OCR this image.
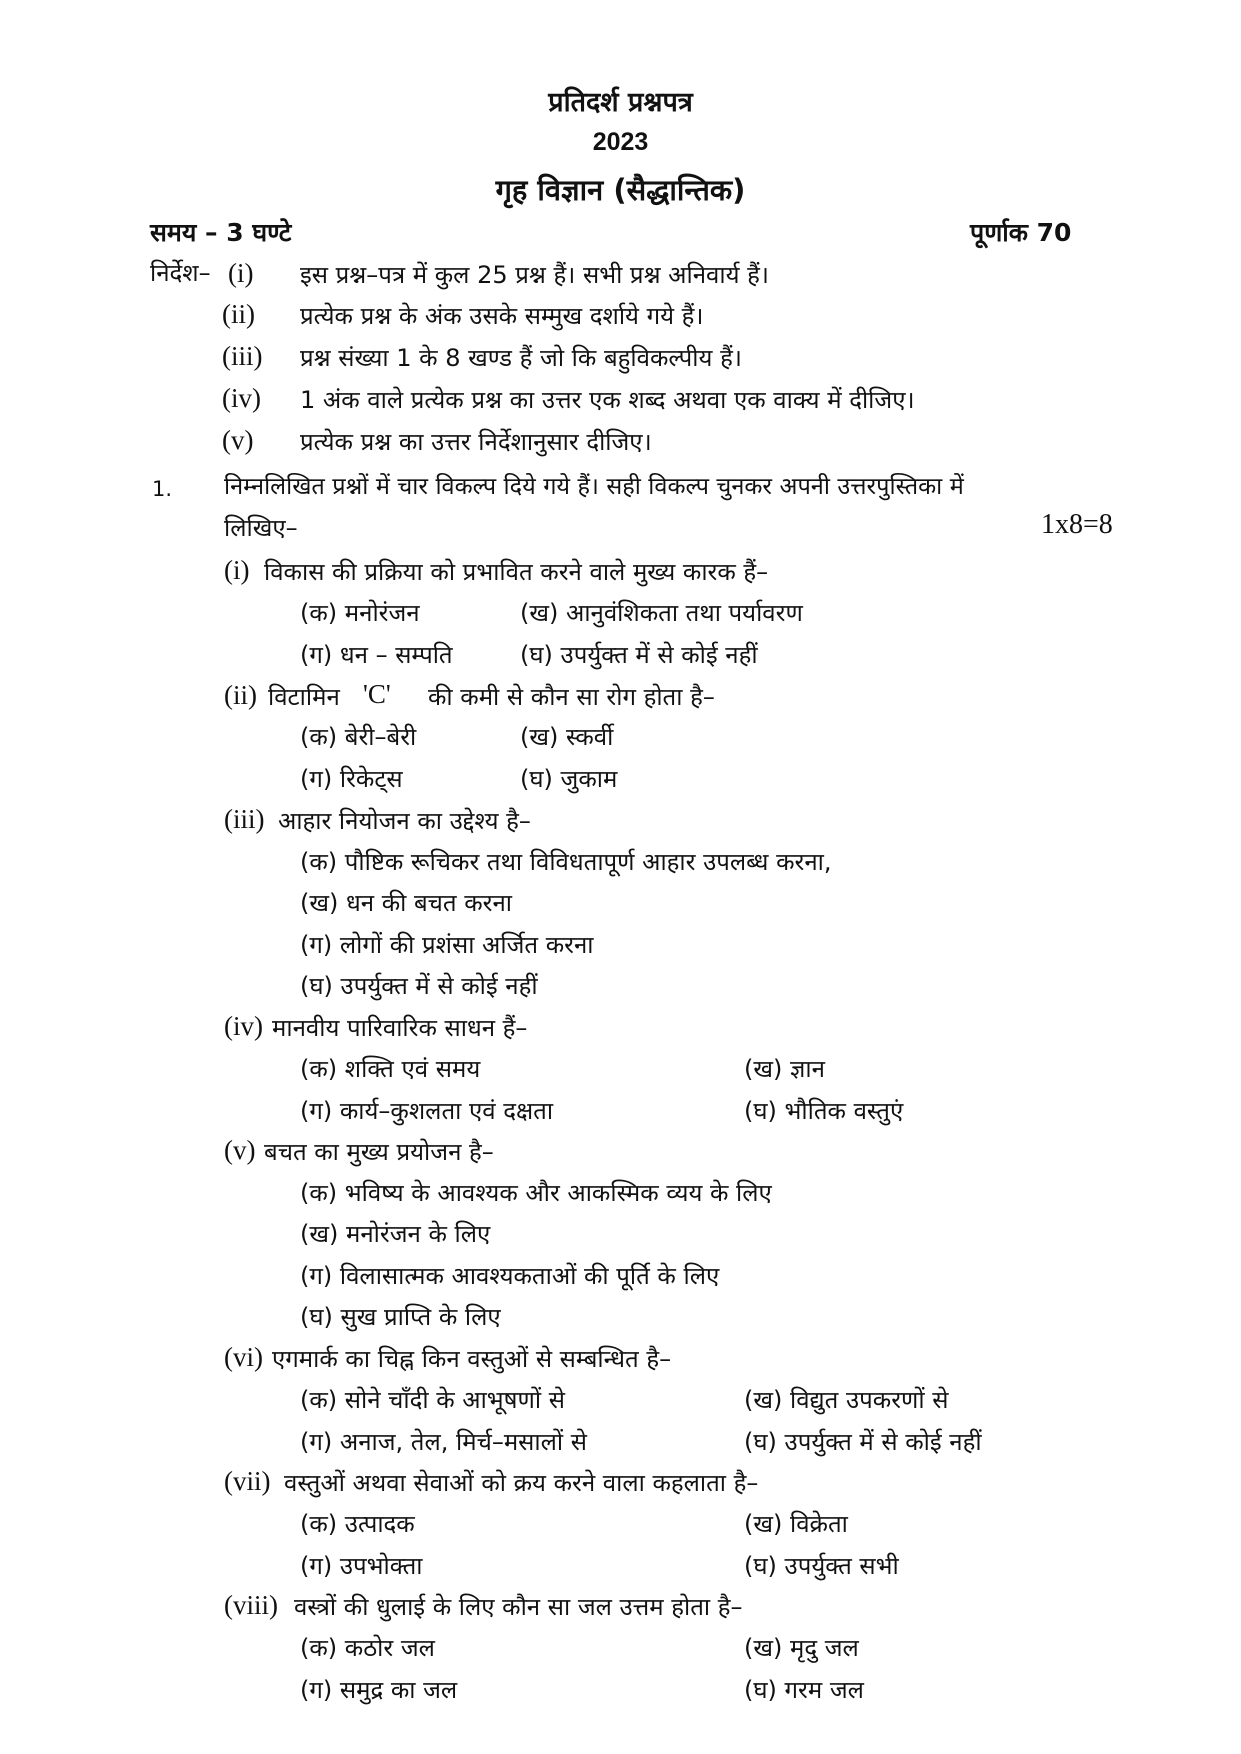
प्रतिदर्श प्रश्नपत्र
2023
गृह विज्ञान (सैद्धान्तिक)
समय – 3 घण्टे	पूर्णाक 70
निर्देश– (i) इस प्रश्न–पत्र में कुल 25 प्रश्न हैं। सभी प्रश्न अनिवार्य हैं।
(ii) प्रत्येक प्रश्न के अंक उसके सम्मुख दर्शाये गये हैं।
(iii) प्रश्न संख्या 1 के 8 खण्ड हैं जो कि बहुविकल्पीय हैं।
(iv) 1 अंक वाले प्रत्येक प्रश्न का उत्तर एक शब्द अथवा एक वाक्य में दीजिए।
(v) प्रत्येक प्रश्न का उत्तर निर्देशानुसार दीजिए।
1. निम्नलिखित प्रश्नों में चार विकल्प दिये गये हैं। सही विकल्प चुनकर अपनी उत्तरपुस्तिका में
लिखिए–	1x8=8
(i) विकास की प्रक्रिया को प्रभावित करने वाले मुख्य कारक हैं–
(क) मनोरंजन	(ख) आनुवंशिकता तथा पर्यावरण
(ग) धन – सम्पति	(घ) उपर्युक्त में से कोई नहीं
(ii) विटामिन 'C' की कमी से कौन सा रोग होता है–
(क) बेरी–बेरी	(ख) स्कर्वी
(ग) रिकेट्स	(घ) जुकाम
(iii) आहार नियोजन का उद्देश्य है–
(क) पौष्टिक रूचिकर तथा विविधतापूर्ण आहार उपलब्ध करना,
(ख) धन की बचत करना
(ग) लोगों की प्रशंसा अर्जित करना
(घ) उपर्युक्त में से कोई नहीं
(iv) मानवीय पारिवारिक साधन हैं–
(क) शक्ति एवं समय	(ख) ज्ञान
(ग) कार्य–कुशलता एवं दक्षता	(घ) भौतिक वस्तुएं
(v) बचत का मुख्य प्रयोजन है–
(क) भविष्य के आवश्यक और आकस्मिक व्यय के लिए
(ख) मनोरंजन के लिए
(ग) विलासात्मक आवश्यकताओं की पूर्ति के लिए
(घ) सुख प्राप्ति के लिए
(vi) एगमार्क का चिह्न किन वस्तुओं से सम्बन्धित है–
(क) सोने चाँदी के आभूषणों से	(ख) विद्युत उपकरणों से
(ग) अनाज, तेल, मिर्च–मसालों से	(घ) उपर्युक्त में से कोई नहीं
(vii) वस्तुओं अथवा सेवाओं को क्रय करने वाला कहलाता है–
(क) उत्पादक	(ख) विक्रेता
(ग) उपभोक्ता	(घ) उपर्युक्त सभी
(viii) वस्त्रों की धुलाई के लिए कौन सा जल उत्तम होता है–
(क) कठोर जल	(ख) मृदु जल
(ग) समुद्र का जल	(घ) गरम जल
